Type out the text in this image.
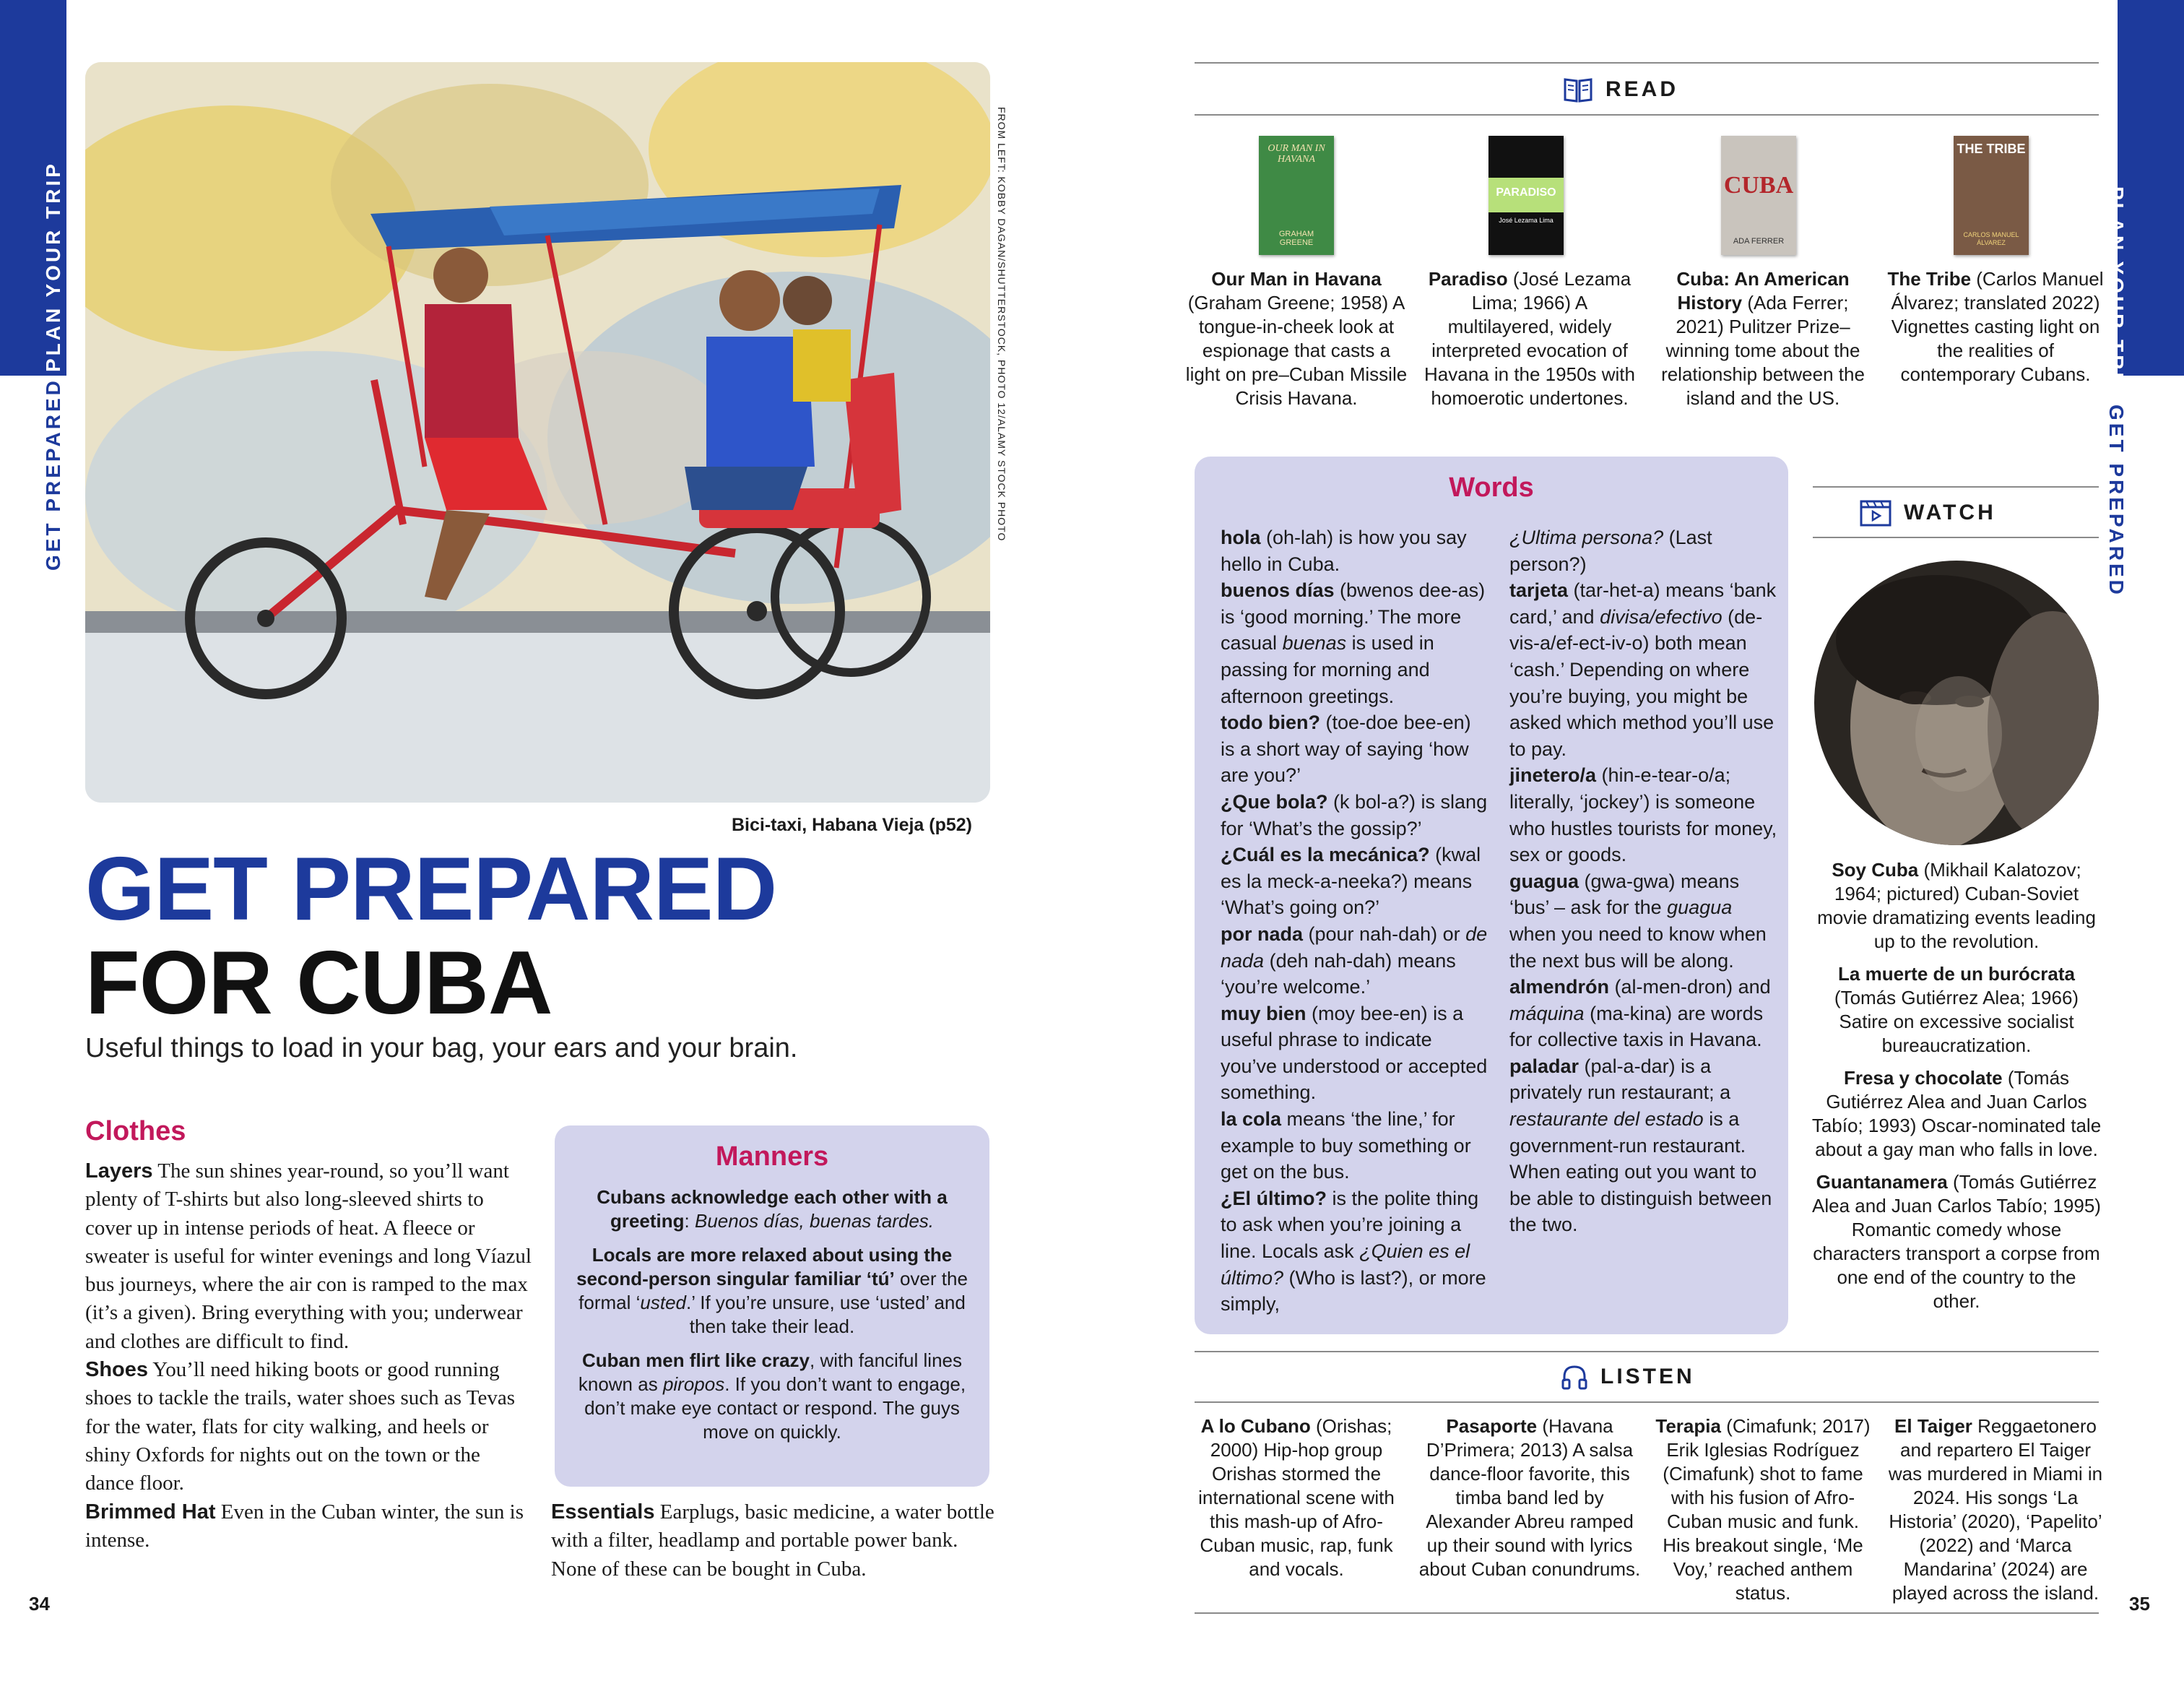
PLAN YOUR TRIP
GET PREPARED
PLAN YOUR TRIP
GET PREPARED
34	35
FROM LEFT: KOBBY DAGAN/SHUTTERSTOCK, PHOTO 12/ALAMY STOCK PHOTO
Bici-taxi, Habana Vieja (p52)
GET PREPARED
FOR CUBA
Useful things to load in your bag, your ears and your brain.
Clothes

Layers The sun shines year-round, so you’ll want plenty of T-shirts but also long-sleeved shirts to cover up in intense periods of heat. A fleece or sweater is useful for winter evenings and long Víazul bus journeys, where the air con is ramped to the max (it’s a given). Bring everything with you; underwear and clothes are difficult to find.

Shoes You’ll need hiking boots or good running shoes to tackle the trails, water shoes such as Tevas for the water, flats for city walking, and heels or shiny Oxfords for nights out on the town or the dance floor.

Brimmed Hat Even in the Cuban winter, the sun is intense.

Manners

Cubans acknowledge each other with a greeting: Buenos días, buenas tardes.

Locals are more relaxed about using the second-person singular familiar ‘tú’ over the formal ‘usted.’ If you’re unsure, use ‘usted’ and then take their lead.

Cuban men flirt like crazy, with fanciful lines known as piropos. If you don’t want to engage, don’t make eye contact or respond. The guys move on quickly.

Essentials Earplugs, basic medicine, a water bottle with a filter, headlamp and portable power bank. None of these can be bought in Cuba.
READ
OUR MAN IN HAVANA
GRAHAM GREENE
PARADISO
José Lezama Lima
CUBA
ADA FERRER
THE TRIBE
CARLOS MANUEL ÁLVAREZ
Our Man in Havana (Graham Greene; 1958) A tongue-in-cheek look at espionage that casts a light on pre–Cuban Missile Crisis Havana.
Paradiso (José Lezama Lima; 1966) A multilayered, widely interpreted evocation of Havana in the 1950s with homoerotic undertones.
Cuba: An American History (Ada Ferrer; 2021) Pulitzer Prize–winning tome about the relationship between the island and the US.
The Tribe (Carlos Manuel Álvarez; translated 2022) Vignettes casting light on the realities of contemporary Cubans.
Words
hola (oh-lah) is how you say hello in Cuba.
buenos días (bwenos dee-as) is ‘good morning.’ The more casual buenas is used in passing for morning and afternoon greetings.
todo bien? (toe-doe bee-en) is a short way of saying ‘how are you?’
¿Que bola? (k bol-a?) is slang for ‘What’s the gossip?’
¿Cuál es la mecánica? (kwal es la meck-a-neeka?) means ‘What’s going on?’
por nada (pour nah-dah) or de nada (deh nah-dah) means ‘you’re welcome.’
muy bien (moy bee-en) is a useful phrase to indicate you’ve understood or accepted something.
la cola means ‘the line,’ for example to buy something or get on the bus.
¿El último? is the polite thing to ask when you’re joining a line. Locals ask ¿Quien es el último? (Who is last?), or more simply,
¿Ultima persona? (Last person?)
tarjeta (tar-het-a) means ‘bank card,’ and divisa/efectivo (de-vis-a/ef-ect-iv-o) both mean ‘cash.’ Depending on where you’re buying, you might be asked which method you’ll use to pay.
jinetero/a (hin-e-tear-o/a; literally, ‘jockey’) is someone who hustles tourists for money, sex or goods.
guagua (gwa-gwa) means ‘bus’ – ask for the guagua when you need to know when the next bus will be along.
almendrón (al-men-dron) and máquina (ma-kina) are words for collective taxis in Havana.
paladar (pal-a-dar) is a privately run restaurant; a restaurante del estado is a government-run restaurant. When eating out you want to be able to distinguish between the two.
WATCH

Soy Cuba (Mikhail Kalatozov; 1964; pictured) Cuban-Soviet movie dramatizing events leading up to the revolution.

La muerte de un burócrata (Tomás Gutiérrez Alea; 1966) Satire on excessive socialist bureaucratization.

Fresa y chocolate (Tomás Gutiérrez Alea and Juan Carlos Tabío; 1993) Oscar-nominated tale about a gay man who falls in love.

Guantanamera (Tomás Gutiérrez Alea and Juan Carlos Tabío; 1995) Romantic comedy whose characters transport a corpse from one end of the country to the other.

LISTEN
A lo Cubano (Orishas; 2000) Hip-hop group Orishas stormed the international scene with this mash-up of Afro-Cuban music, rap, funk and vocals.
Pasaporte (Havana D’Primera; 2013) A salsa dance-floor favorite, this timba band led by Alexander Abreu ramped up their sound with lyrics about Cuban conundrums.
Terapia (Cimafunk; 2017) Erik Iglesias Rodríguez (Cimafunk) shot to fame with his fusion of Afro-Cuban music and funk. His breakout single, ‘Me Voy,’ reached anthem status.
El Taiger Reggaetonero and repartero El Taiger was murdered in Miami in 2024. His songs ‘La Historia’ (2020), ‘Papelito’ (2022) and ‘Marca Mandarina’ (2024) are played across the island.
